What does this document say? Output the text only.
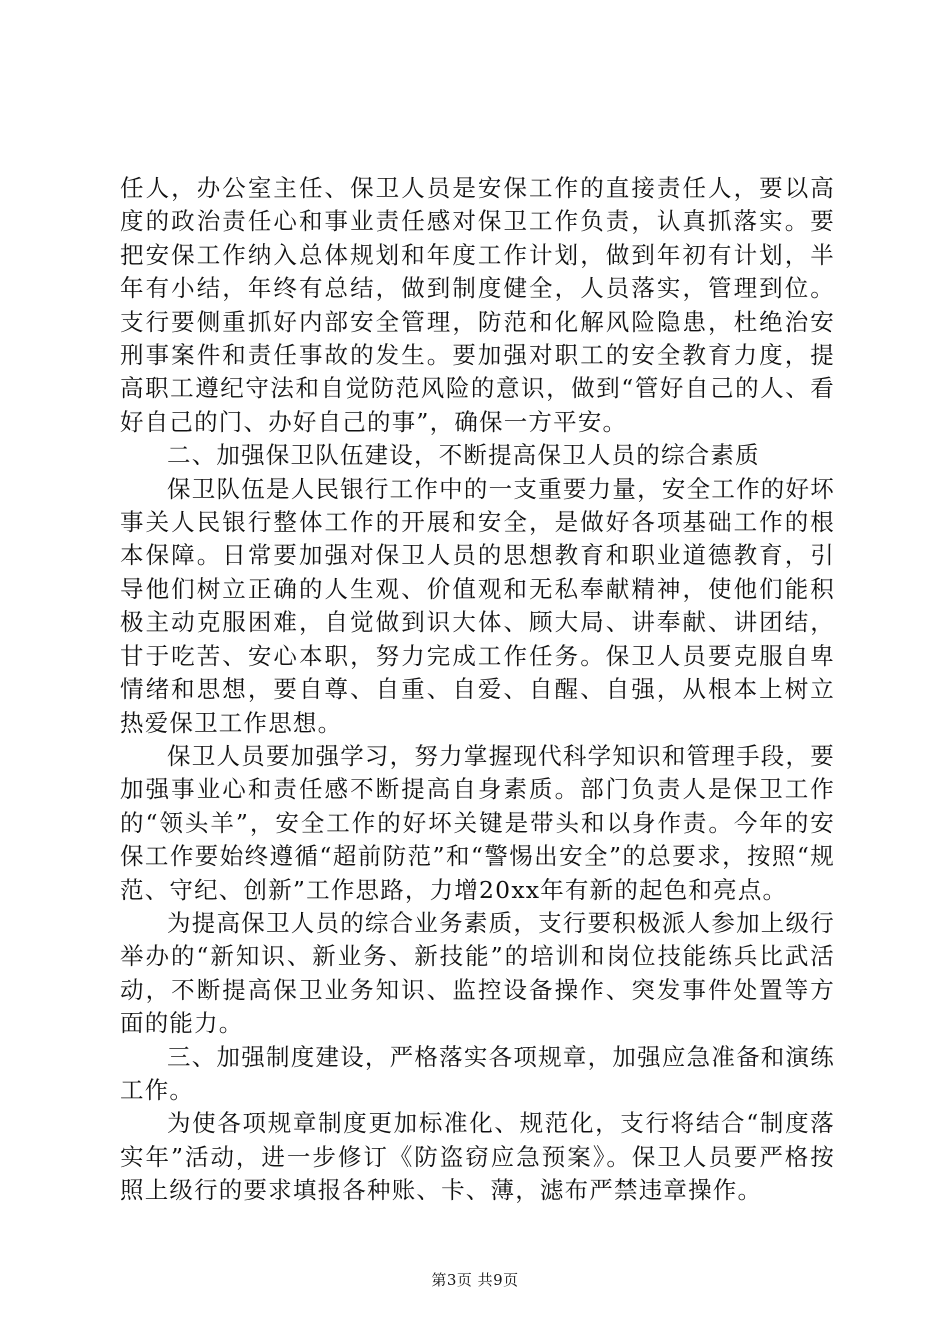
任人，办公室主任、保卫人员是安保工作的直接责任人，要以高度的政治责任心和事业责任感对保卫工作负责，认真抓落实。要把安保工作纳入总体规划和年度工作计划，做到年初有计划，半年有小结，年终有总结，做到制度健全，人员落实，管理到位。支行要侧重抓好内部安全管理，防范和化解风险隐患，杜绝治安刑事案件和责任事故的发生。要加强对职工的安全教育力度，提高职工遵纪守法和自觉防范风险的意识，做到“管好自己的人、看好自己的门、办好自己的事”，确保一方平安。

二、加强保卫队伍建设，不断提高保卫人员的综合素质

保卫队伍是人民银行工作中的一支重要力量，安全工作的好坏事关人民银行整体工作的开展和安全，是做好各项基础工作的根本保障。日常要加强对保卫人员的思想教育和职业道德教育，引导他们树立正确的人生观、价值观和无私奉献精神，使他们能积极主动克服困难，自觉做到识大体、顾大局、讲奉献、讲团结，甘于吃苦、安心本职，努力完成工作任务。保卫人员要克服自卑情绪和思想，要自尊、自重、自爱、自醒、自强，从根本上树立热爱保卫工作思想。

保卫人员要加强学习，努力掌握现代科学知识和管理手段，要加强事业心和责任感不断提高自身素质。部门负责人是保卫工作的“领头羊”，安全工作的好坏关键是带头和以身作责。今年的安保工作要始终遵循“超前防范”和“警惕出安全”的总要求，按照“规范、守纪、创新”工作思路，力增20xx年有新的起色和亮点。

为提高保卫人员的综合业务素质，支行要积极派人参加上级行举办的“新知识、新业务、新技能”的培训和岗位技能练兵比武活动，不断提高保卫业务知识、监控设备操作、突发事件处置等方面的能力。

三、加强制度建设，严格落实各项规章，加强应急准备和演练工作。

为使各项规章制度更加标准化、规范化，支行将结合“制度落实年”活动，进一步修订《防盗窃应急预案》。保卫人员要严格按照上级行的要求填报各种账、卡、薄，滤布严禁违章操作。

第3页 共9页
